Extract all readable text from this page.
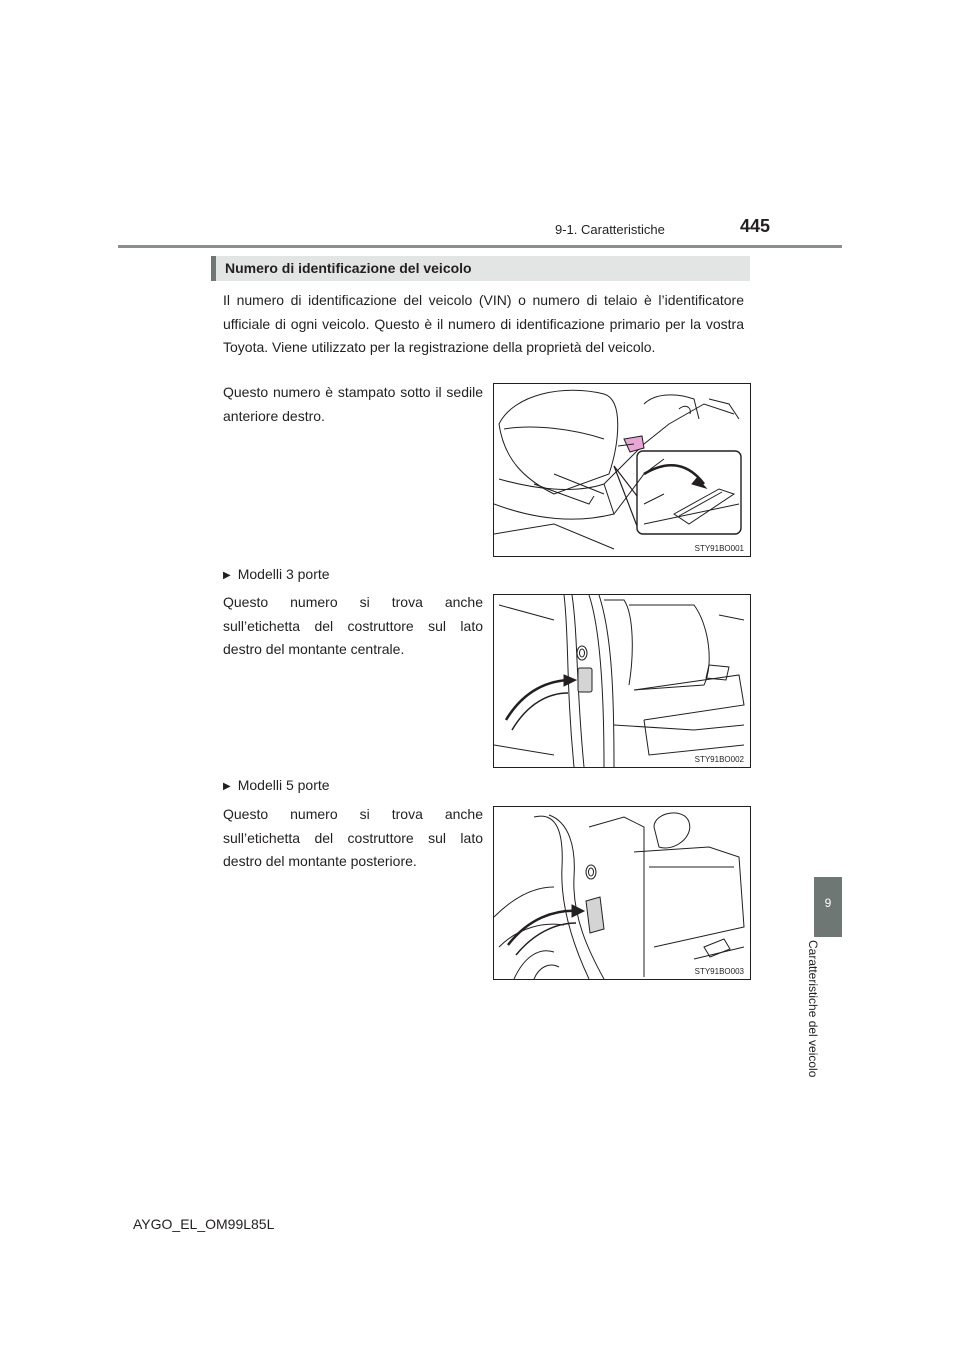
9-1. Caratteristiche	445
9
Caratteristiche del veicolo
Numero di identificazione del veicolo
Il numero di identificazione del veicolo (VIN) o numero di telaio è l’identificatore ufficiale di ogni veicolo. Questo è il numero di identificazione primario per la vostra Toyota. Viene utilizzato per la registrazione della proprietà del veicolo.
Questo numero è stampato sotto il sedile anteriore destro.
STY91BO001
▶ Modelli 3 porte
Questo numero si trova anche sull’etichetta del costruttore sul lato destro del montante centrale.
STY91BO002
▶ Modelli 5 porte
Questo numero si trova anche sull’etichetta del costruttore sul lato destro del montante posteriore.
STY91BO003
AYGO_EL_OM99L85L
